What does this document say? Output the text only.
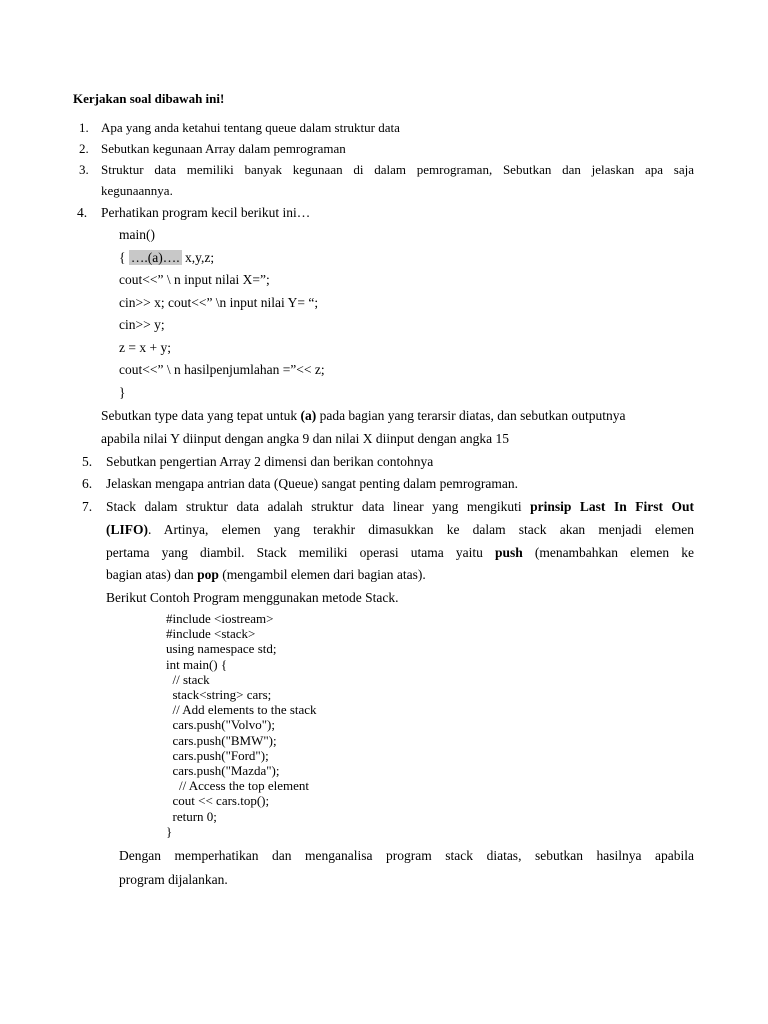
Kerjakan soal dibawah ini!
1. Apa yang anda ketahui tentang queue dalam struktur data
2. Sebutkan kegunaan Array dalam pemrograman
3. Struktur data memiliki banyak kegunaan di dalam pemrograman, Sebutkan dan jelaskan apa saja
kegunaannya.
4. Perhatikan program kecil berikut ini…
main()
{ ….(a)…. x,y,z;
cout<<” \ n input nilai X=”;
cin>> x; cout<<” \n input nilai Y= “;
cin>> y;
z = x + y;
cout<<” \ n hasilpenjumlahan =”<< z;
}
Sebutkan type data yang tepat untuk (a) pada bagian yang terarsir diatas, dan sebutkan outputnya
apabila nilai Y diinput dengan angka 9 dan nilai X diinput dengan angka 15
5. Sebutkan pengertian Array 2 dimensi dan berikan contohnya
6. Jelaskan mengapa antrian data (Queue) sangat penting dalam pemrograman.
7. Stack dalam struktur data adalah struktur data linear yang mengikuti prinsip Last In First Out
(LIFO). Artinya, elemen yang terakhir dimasukkan ke dalam stack akan menjadi elemen
pertama yang diambil. Stack memiliki operasi utama yaitu push (menambahkan elemen ke
bagian atas) dan pop (mengambil elemen dari bagian atas).
Berikut Contoh Program menggunakan metode Stack.
#include <iostream>
#include <stack>
using namespace std;
int main() {
// stack
stack<string> cars;
// Add elements to the stack
cars.push("Volvo");
cars.push("BMW");
cars.push("Ford");
cars.push("Mazda");
// Access the top element
cout << cars.top();
return 0;
}
Dengan memperhatikan dan menganalisa program stack diatas, sebutkan hasilnya apabila
program dijalankan.
